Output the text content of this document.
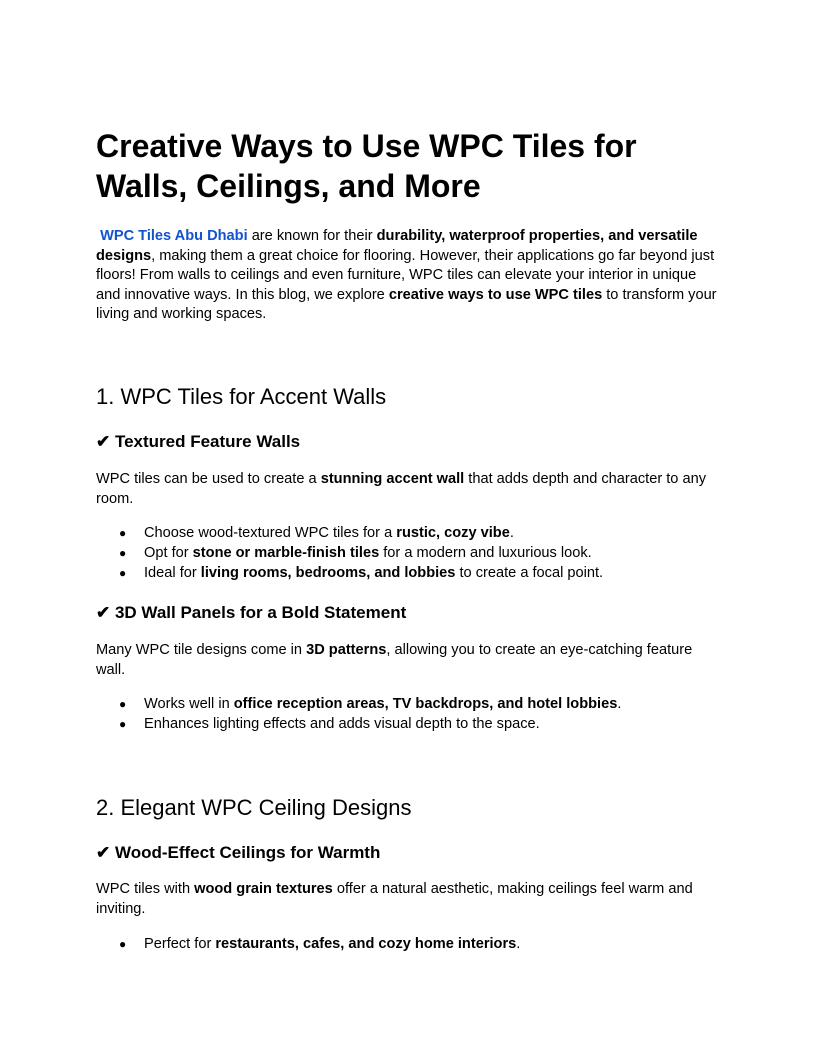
Creative Ways to Use WPC Tiles for Walls, Ceilings, and More

WPC Tiles Abu Dhabi are known for their durability, waterproof properties, and versatile designs, making them a great choice for flooring. However, their applications go far beyond just floors! From walls to ceilings and even furniture, WPC tiles can elevate your interior in unique and innovative ways. In this blog, we explore creative ways to use WPC tiles to transform your living and working spaces.

1. WPC Tiles for Accent Walls
✔ Textured Feature Walls

WPC tiles can be used to create a stunning accent wall that adds depth and character to any room.

● Choose wood-textured WPC tiles for a rustic, cozy vibe.
● Opt for stone or marble-finish tiles for a modern and luxurious look.
● Ideal for living rooms, bedrooms, and lobbies to create a focal point.
✔ 3D Wall Panels for a Bold Statement

Many WPC tile designs come in 3D patterns, allowing you to create an eye-catching feature wall.

● Works well in office reception areas, TV backdrops, and hotel lobbies.
● Enhances lighting effects and adds visual depth to the space.
2. Elegant WPC Ceiling Designs
✔ Wood-Effect Ceilings for Warmth

WPC tiles with wood grain textures offer a natural aesthetic, making ceilings feel warm and inviting.

● Perfect for restaurants, cafes, and cozy home interiors.
